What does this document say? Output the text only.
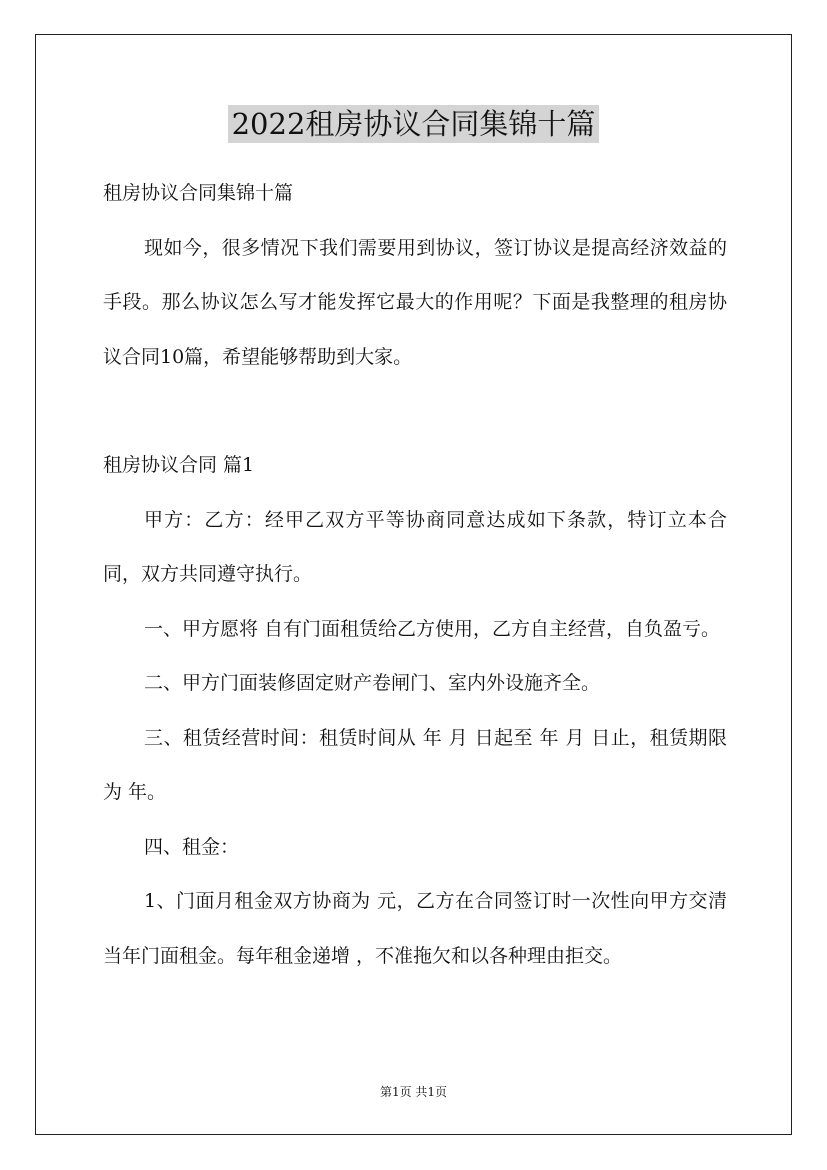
2022租房协议合同集锦十篇

租房协议合同集锦十篇

现如今，很多情况下我们需要用到协议，签订协议是提高经济效益的手段。那么协议怎么写才能发挥它最大的作用呢？下面是我整理的租房协议合同10篇，希望能够帮助到大家。

租房协议合同 篇1

甲方：乙方：经甲乙双方平等协商同意达成如下条款，特订立本合同，双方共同遵守执行。

一、甲方愿将 自有门面租赁给乙方使用，乙方自主经营，自负盈亏。

二、甲方门面装修固定财产卷闸门、室内外设施齐全。

三、租赁经营时间：租赁时间从 年 月 日起至 年 月 日止，租赁期限为 年。

四、租金：

1、门面月租金双方协商为 元，乙方在合同签订时一次性向甲方交清当年门面租金。每年租金递增 ，不准拖欠和以各种理由拒交。

第1页 共1页
